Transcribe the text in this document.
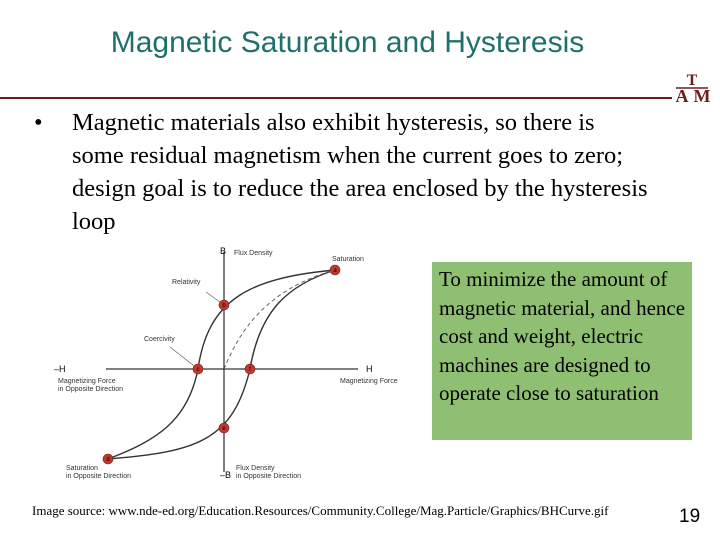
Magnetic Saturation and Hysteresis
T
A M
• Magnetic materials also exhibit hysteresis, so there is some residual magnetism when the current goes to zero; design goal is to reduce the area enclosed by the hysteresis loop
a
b
c
d
e
f
B Flux Density
Saturation
Relativity
Coercivity
–H
Magnetizing Force
in Opposite Direction
H
Magnetizing Force
Saturation
in Opposite Direction	–B
Flux Density
in Opposite Direction
To minimize the amount of magnetic material, and hence cost and weight, electric machines are designed to operate close to saturation
Image source: www.nde-ed.org/Education.Resources/Community.College/Mag.Particle/Graphics/BHCurve.gif	19
